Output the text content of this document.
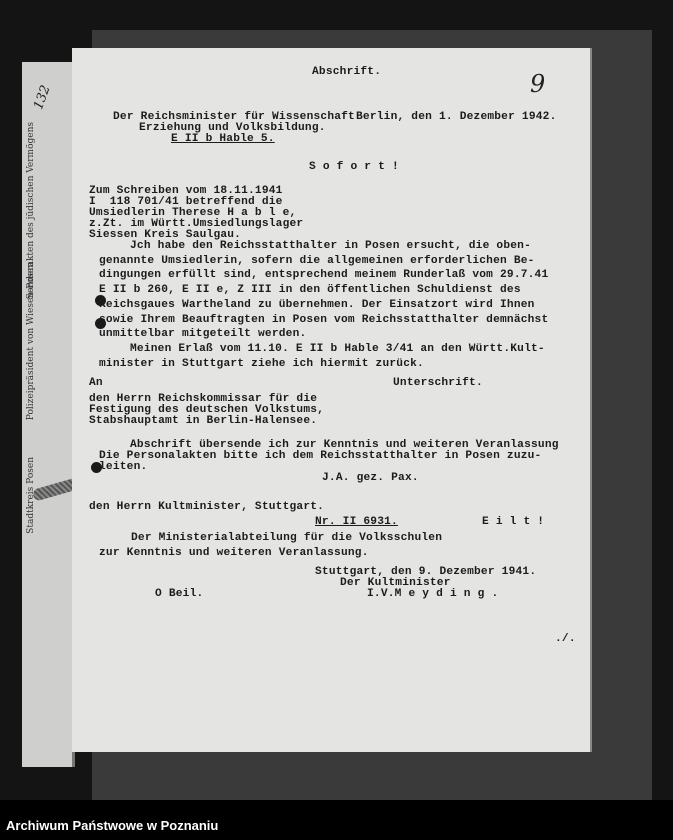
132
Sonderakten des jüdischen Vermögens
Polizeipräsident von Wiesen-Posen
Stadtkreis Posen
9
Abschrift.
Der Reichsminister für Wissenschaft Berlin, den 1. Dezember 1942.
Erziehung und Volksbildung.
E II b Hable 5.
S o f o r t !
Zum Schreiben vom 18.11.1941
I  118 701/41 betreffend die
Umsiedlerin Therese H a b l e,
z.Zt. im Württ.Umsiedlungslager
Siessen Kreis Saulgau.
Jch habe den Reichsstatthalter in Posen ersucht, die oben-
genannte Umsiedlerin, sofern die allgemeinen erforderlichen Be-
dingungen erfüllt sind, entsprechend meinem Runderlaß vom 29.7.41
E II b 260, E II e, Z III in den öffentlichen Schuldienst des
Reichsgaues Wartheland zu übernehmen. Der Einsatzort wird Ihnen
sowie Ihrem Beauftragten in Posen vom Reichsstatthalter demnächst
unmittelbar mitgeteilt werden.
Meinen Erlaß vom 11.10. E II b Hable 3/41 an den Württ.Kult-
minister in Stuttgart ziehe ich hiermit zurück.
Unterschrift.
An
den Herrn Reichskommissar für die
Festigung des deutschen Volkstums,
Stabshauptamt in Berlin-Halensee.
Abschrift übersende ich zur Kenntnis und weiteren Veranlassung
Die Personalakten bitte ich dem Reichsstatthalter in Posen zuzu-
leiten.
J.A. gez. Pax.
den Herrn Kultminister, Stuttgart.
Nr. II 6931.	E i l t !
Der Ministerialabteilung für die Volksschulen
zur Kenntnis und weiteren Veranlassung.
Stuttgart, den 9. Dezember 1941.
Der Kultminister
O Beil.	I.V.M e y d i n g .
./.
Archiwum Państwowe w Poznaniu
